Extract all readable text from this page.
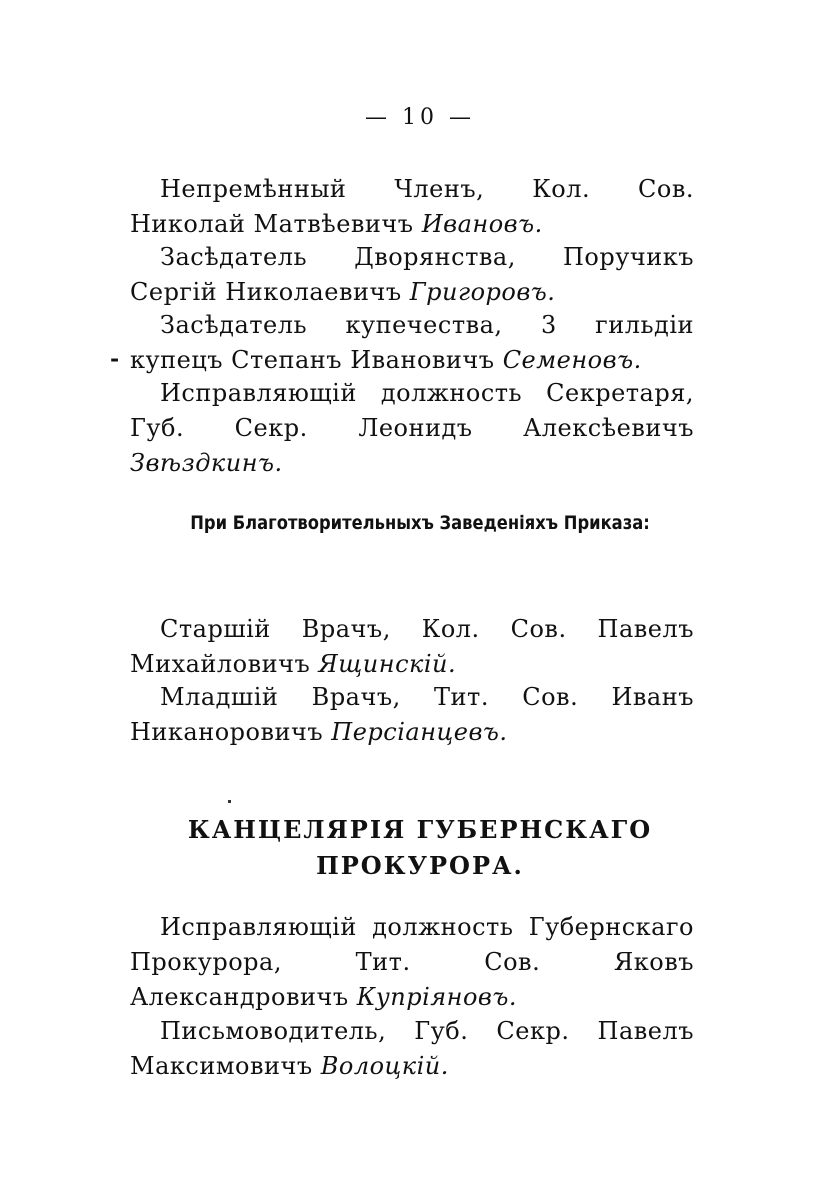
— 10 —
-

Непремѣнный Членъ, Кол. Сов. Николай Матвѣевичъ Ивановъ.

Засѣдатель Дворянства, Поручикъ Сергій Николаевичъ Григоровъ.

Засѣдатель купечества, 3 гильдіи купецъ Степанъ Ивановичъ Семеновъ.

Исправляющій должность Секретаря, Губ. Секр. Леонидъ Алексѣевичъ Звѣздкинъ.

При Благотворительныхъ Заведеніяхъ Приказа:

Старшій Врачъ, Кол. Сов. Павелъ Михайловичъ Ящинскій.

Младшій Врачъ, Тит. Сов. Иванъ Никаноровичъ Персіанцевъ.

КАНЦЕЛЯРІЯ ГУБЕРНСКАГО ПРОКУРОРА.

Исправляющій должность Губернскаго Прокурора, Тит. Сов. Яковъ Александровичъ Купріяновъ.

Письмоводитель, Губ. Секр. Павелъ Максимовичъ Волоцкій.
